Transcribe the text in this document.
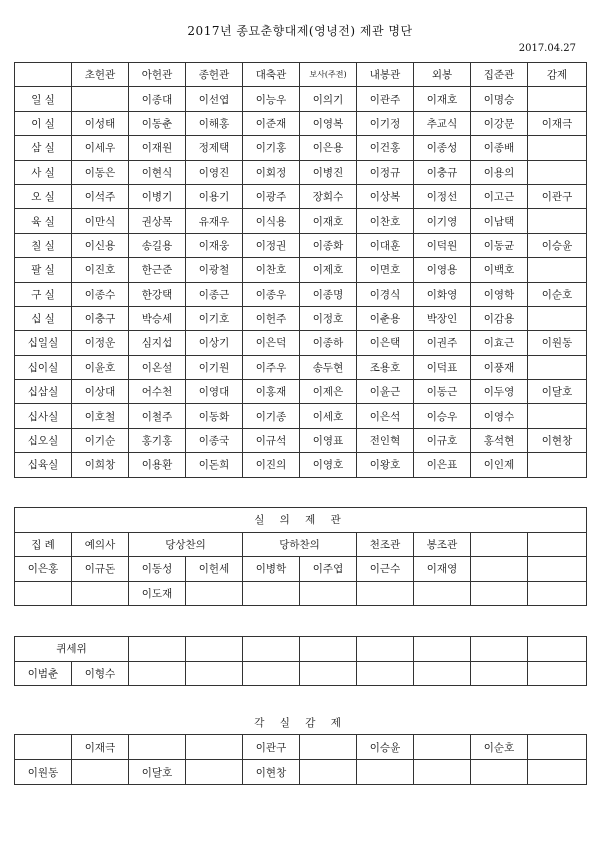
2017년 종묘춘향대제(영녕전) 제관 명단
2017.04.27
	초헌관	아헌관	종헌관	대축관	보사(주전)	내봉관	외봉	집준관	감제
일 실		이종대	이선엽	이능우	이의기	이관주	이재호	이명승	
이 실	이성태	이동춘	이해홍	이준재	이영복	이기정	추교식	이강문	이재극
삼 실	이세우	이재원	정제택	이기홍	이은용	이건홍	이종성	이종배	
사 실	이동은	이현식	이영진	이회정	이병진	이정규	이충규	이용의	
오 실	이석주	이병기	이용기	이광주	장회수	이상복	이정선	이고근	이관구
육 실	이만식	권상목	유재우	이식용	이재호	이찬호	이기영	이남택	
칠 실	이신용	송길용	이재웅	이정권	이종화	이대훈	이덕원	이동균	이승윤
팔 실	이진호	한근준	이광철	이찬호	이제호	이면호	이영용	이백호	
구 실	이종수	한강택	이종근	이종우	이종명	이경식	이화영	이영학	이순호
십 실	이충구	박승세	이기호	이헌주	이정호	이춘용	박장인	이감용	
십일실	이정운	심지섭	이상기	이은덕	이종하	이은택	이권주	이효근	이원동
십이실	이윤호	이온설	이기원	이주우	송두현	조용호	이덕표	이풍재	
십삼실	이상대	어수천	이영대	이홍재	이제은	이윤근	이동근	이두영	이달호
십사실	이호철	이철주	이동화	이기종	이세호	이은석	이승우	이영수	
십오실	이기순	홍기홍	이종국	이규석	이영표	전인혁	이규호	홍석현	이현창
십육실	이희창	이용환	이돈희	이진의	이영호	이왕호	이은표	이인제	
실 의 제 관									
집 례	예의사	당상찬의		당하찬의		천조관	봉조관		
이은홍	이규돈	이동성	이헌세	이병학	이주엽	이근수	이재영		
		이도재							
퀴세위									
이범춘	이형수								
각 실 감 제									
	이재극			이관구		이승윤		이순호	
이원동		이달호		이현창					
